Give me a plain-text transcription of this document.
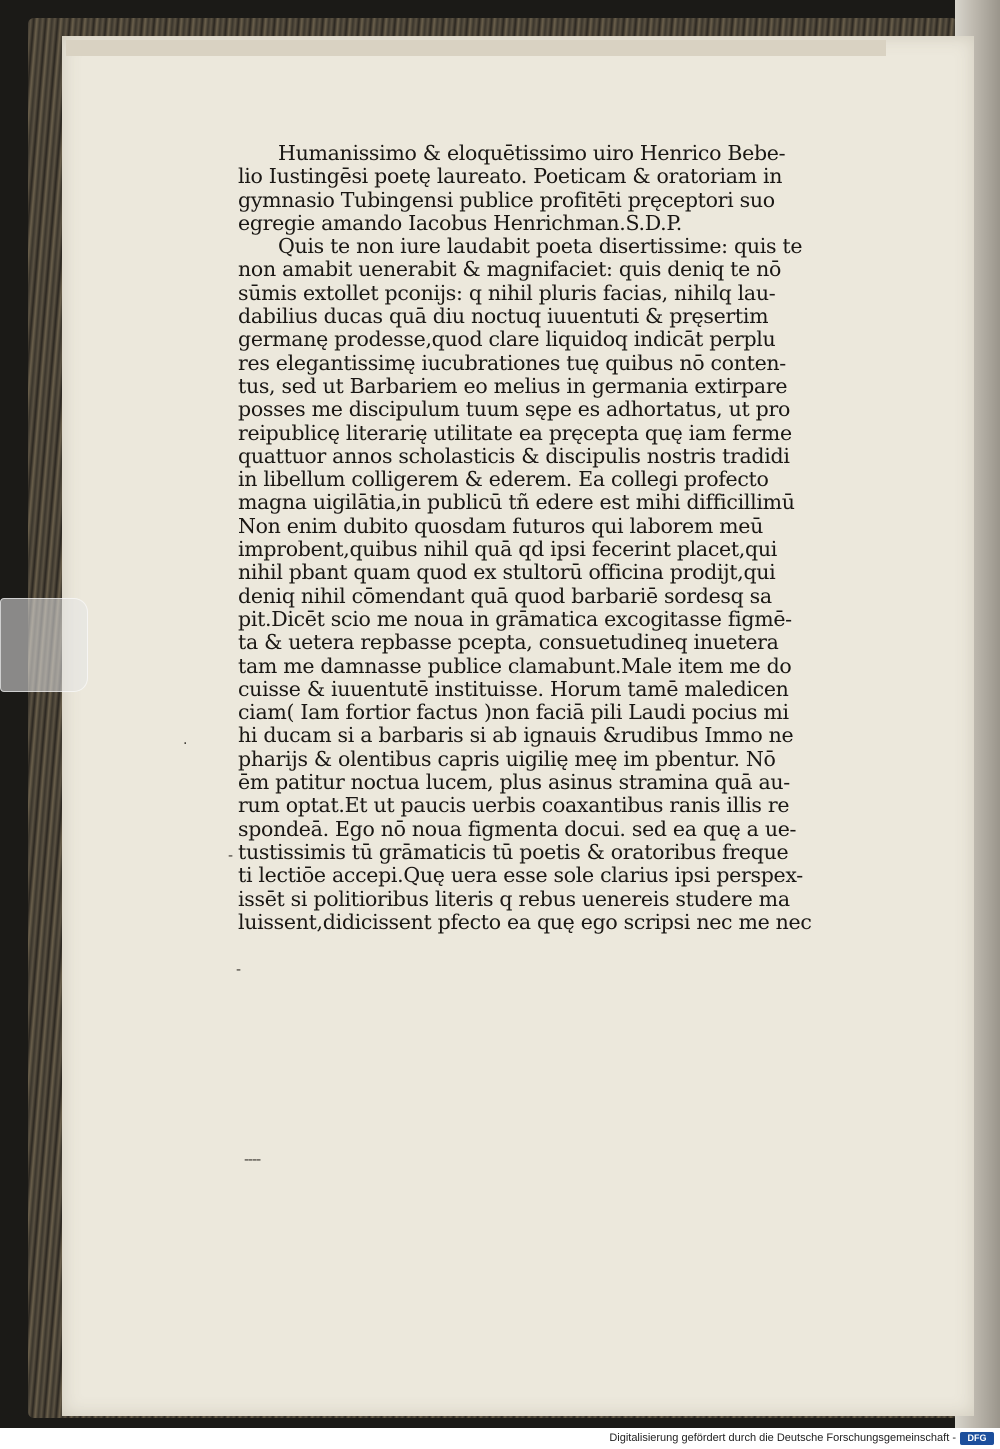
·
-
-
----
Humanissimo & eloquētissimo uiro Henrico Bebe-
lio Iustingēsi poetę laureato. Poeticam & oratoriam in
gymnasio Tubingensi publice profitēti pręceptori suo
egregie amando Iacobus Henrichman.S.D.P.
Quis te non iure laudabit poeta disertissime: quis te
non amabit uenerabit & magnifaciet: quis deniq te nō
sūmis extollet pconijs: q nihil pluris facias, nihilq lau-
dabilius ducas quā diu noctuq iuuentuti & pręsertim
germanę prodesse,quod clare liquidoq indicāt perplu
res elegantissimę iucubrationes tuę quibus nō conten-
tus, sed ut Barbariem eo melius in germania extirpare
posses me discipulum tuum sępe es adhortatus, ut pro
reipublicę literarię utilitate ea pręcepta quę iam ferme
quattuor annos scholasticis & discipulis nostris tradidi
in libellum colligerem & ederem. Ea collegi profecto
magna uigilātia,in publicū tñ edere est mihi difficillimū
Non enim dubito quosdam futuros qui laborem meū
improbent,quibus nihil quā qd ipsi fecerint placet,qui
nihil pbant quam quod ex stultorū officina prodijt,qui
deniq nihil cōmendant quā quod barbariē sordesq sa
pit.Dicēt scio me noua in grāmatica excogitasse figmē-
ta & uetera repbasse pcepta, consuetudineq inuetera
tam me damnasse publice clamabunt.Male item me do
cuisse & iuuentutē instituisse. Horum tamē maledicen
ciam( Iam fortior factus )non faciā pili Laudi pocius mi
hi ducam si a barbaris si ab ignauis &rudibus Immo ne
pharijs & olentibus capris uigilię meę im pbentur. Nō
ēm patitur noctua lucem, plus asinus stramina quā au-
rum optat.Et ut paucis uerbis coaxantibus ranis illis re
spondeā. Ego nō noua figmenta docui. sed ea quę a ue-
tustissimis tū grāmaticis tū poetis & oratoribus freque
ti lectiōe accepi.Quę uera esse sole clarius ipsi perspex-
issēt si politioribus literis q rebus uenereis studere ma
luissent,didicissent pfecto ea quę ego scripsi nec me nec
Digitalisierung gefördert durch die Deutsche Forschungsgemeinschaft -	DFG
